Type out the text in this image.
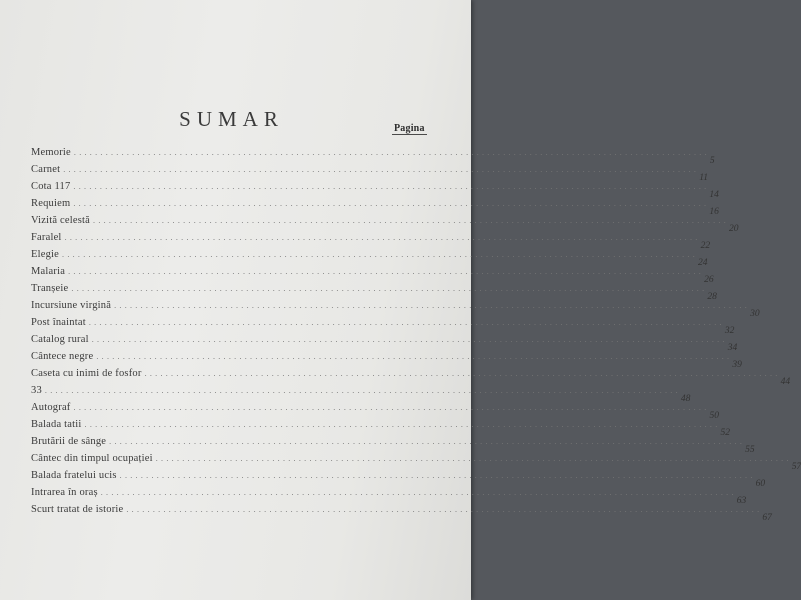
SUMAR	Pagina
Memorie ........................................................................................................................
5
Carnet ........................................................................................................................
11
Cota 117 ........................................................................................................................
14
Requiem ........................................................................................................................
16
Vizită celestă ........................................................................................................................
20
Faralel ........................................................................................................................
22
Elegie ........................................................................................................................
24
Malaria ........................................................................................................................
26
Tranșeie ........................................................................................................................
28
Incursiune virgină ........................................................................................................................
30
Post înaintat ........................................................................................................................
32
Catalog rural ........................................................................................................................
34
Cântece negre ........................................................................................................................
39
Caseta cu inimi de fosfor ........................................................................................................................
44
33 ........................................................................................................................
48
Autograf ........................................................................................................................
50
Balada tatii ........................................................................................................................
52
Brutării de sânge ........................................................................................................................
55
Cântec din timpul ocupației ........................................................................................................................
57
Balada fratelui ucis ........................................................................................................................
60
Intrarea în oraș ........................................................................................................................
63
Scurt tratat de istorie ........................................................................................................................
67
